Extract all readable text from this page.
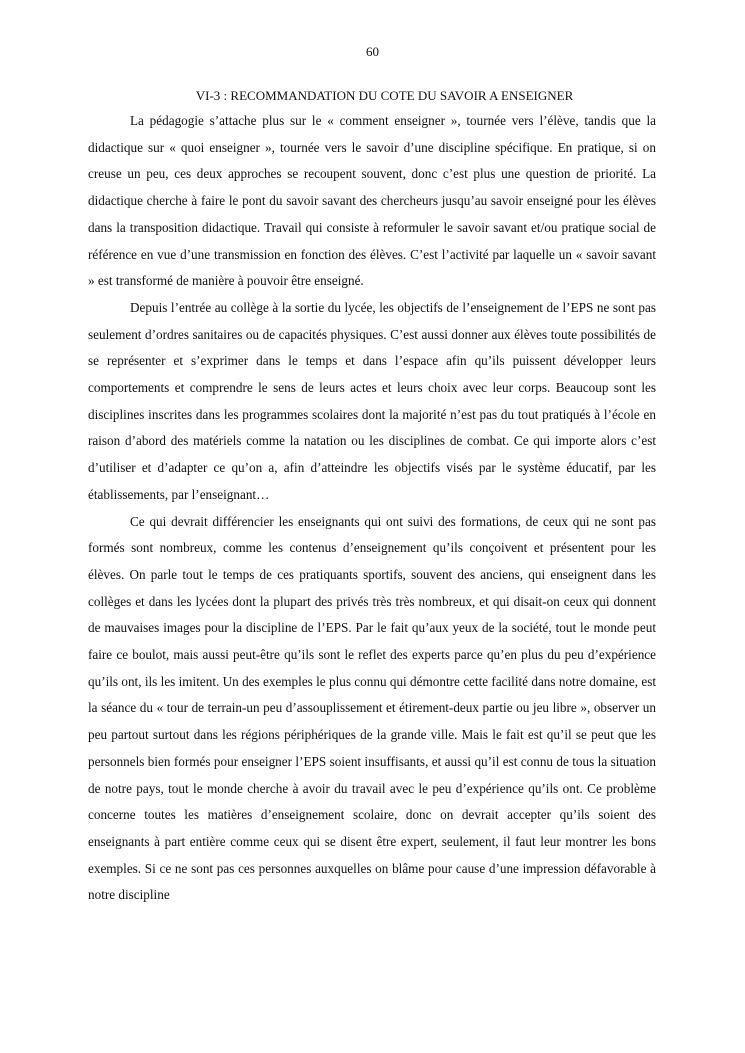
60
VI-3 : RECOMMANDATION DU COTE DU SAVOIR A ENSEIGNER

La pédagogie s’attache plus sur le « comment enseigner », tournée vers l’élève, tandis que la didactique sur « quoi enseigner », tournée vers le savoir d’une discipline spécifique. En pratique, si on creuse un peu, ces deux approches se recoupent souvent, donc c’est plus une question de priorité. La didactique cherche à faire le pont du savoir savant des chercheurs jusqu’au savoir enseigné pour les élèves dans la transposition didactique. Travail qui consiste à reformuler le savoir savant et/ou pratique social de référence en vue d’une transmission en fonction des élèves. C’est l’activité par laquelle un « savoir savant » est transformé de manière à pouvoir être enseigné.

Depuis l’entrée au collège à la sortie du lycée, les objectifs de l’enseignement de l’EPS ne sont pas seulement d’ordres sanitaires ou de capacités physiques. C’est aussi donner aux élèves toute possibilités de se représenter et s’exprimer dans le temps et dans l’espace afin qu’ils puissent développer leurs comportements et comprendre le sens de leurs actes et leurs choix avec leur corps. Beaucoup sont les disciplines inscrites dans les programmes scolaires dont la majorité n’est pas du tout pratiqués à l’école en raison d’abord des matériels comme la natation ou les disciplines de combat. Ce qui importe alors c’est d’utiliser et d’adapter ce qu’on a, afin d’atteindre les objectifs visés par le système éducatif, par les établissements, par l’enseignant…

Ce qui devrait différencier les enseignants qui ont suivi des formations, de ceux qui ne sont pas formés sont nombreux, comme les contenus d’enseignement qu’ils conçoivent et présentent pour les élèves. On parle tout le temps de ces pratiquants sportifs, souvent des anciens, qui enseignent dans les collèges et dans les lycées dont la plupart des privés très très nombreux, et qui disait-on ceux qui donnent de mauvaises images pour la discipline de l’EPS. Par le fait qu’aux yeux de la société, tout le monde peut faire ce boulot, mais aussi peut-être qu’ils sont le reflet des experts parce qu’en plus du peu d’expérience qu’ils ont, ils les imitent. Un des exemples le plus connu qui démontre cette facilité dans notre domaine, est la séance du « tour de terrain-un peu d’assouplissement et étirement-deux partie ou jeu libre », observer un peu partout surtout dans les régions périphériques de la grande ville. Mais le fait est qu’il se peut que les personnels bien formés pour enseigner l’EPS soient insuffisants, et aussi qu’il est connu de tous la situation de notre pays, tout le monde cherche à avoir du travail avec le peu d’expérience qu’ils ont. Ce problème concerne toutes les matières d’enseignement scolaire, donc on devrait accepter qu’ils soient des enseignants à part entière comme ceux qui se disent être expert, seulement, il faut leur montrer les bons exemples. Si ce ne sont pas ces personnes auxquelles on blâme pour cause d’une impression défavorable à notre discipline
